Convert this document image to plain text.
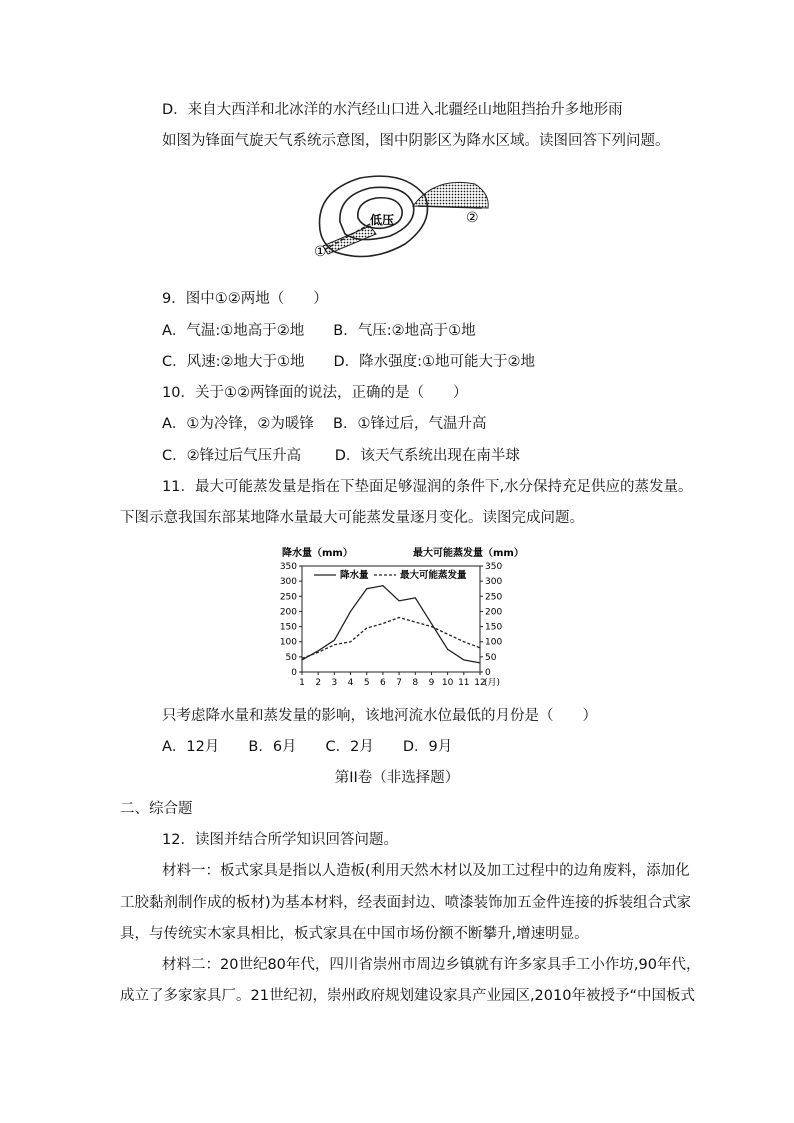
D．来自大西洋和北冰洋的水汽经山口进入北疆经山地阻挡抬升多地形雨
如图为锋面气旋天气系统示意图，图中阴影区为降水区域。读图回答下列问题。
低压
①
②
9．图中①②两地（　　）
A．气温:①地高于②地　　B．气压:②地高于①地
C．风速:②地大于①地　　D．降水强度:①地可能大于②地
10．关于①②两锋面的说法，正确的是（　　）
A．①为冷锋，②为暖锋　 B．①锋过后，气温升高
C．②锋过后气压升高　　 D．该天气系统出现在南半球
11．最大可能蒸发量是指在下垫面足够湿润的条件下,水分保持充足供应的蒸发量。
下图示意我国东部某地降水量最大可能蒸发量逐月变化。读图完成问题。
降水量（mm）	最大可能蒸发量（mm）
0	0
50	50
100	100
150	150
200	200
250	250
300	300
350	350
1 2 3 4 5 6 7 8 9 10 11 12
(月)
降水量	最大可能蒸发量
只考虑降水量和蒸发量的影响，该地河流水位最低的月份是（　　）
A．12月　　B．6月　　C．2月　　D．9月
第II卷（非选择题）
二、综合题
12．读图并结合所学知识回答问题。
材料一：板式家具是指以人造板(利用天然木材以及加工过程中的边角废料，添加化
工胶黏剂制作成的板材)为基本材料，经表面封边、喷漆装饰加五金件连接的拆装组合式家
具，与传统实木家具相比，板式家具在中国市场份额不断攀升,增速明显。
材料二：20世纪80年代，四川省崇州市周边乡镇就有许多家具手工小作坊,90年代，
成立了多家家具厂。21世纪初，崇州政府规划建设家具产业园区,2010年被授予“中国板式
